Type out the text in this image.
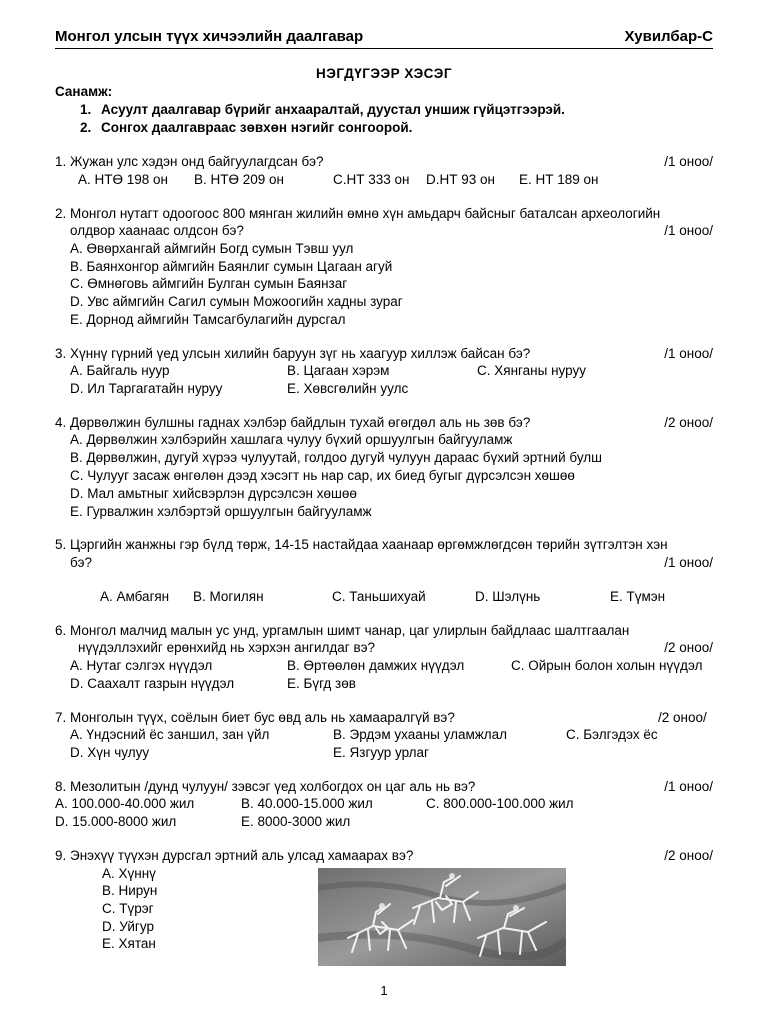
Монгол улсын түүх хичээлийн даалгавар	Хувилбар-С
НЭГДҮГЭЭР ХЭСЭГ
Санамж:
1. Асуулт даалгавар бүрийг анхааралтай, дуустал уншиж гүйцэтгээрэй.
2. Сонгох даалгавраас зөвхөн нэгийг сонгоорой.
1. Жужан улс хэдэн онд байгуулагдсан бэ?	/1 оноо/
А. НТӨ 198 он В. НТӨ 209 он	С.НТ 333 он D.НТ 93 он Е. НТ 189 он
2. Монгол нутагт одоогоос 800 мянган жилийн өмнө хүн амьдарч байсныг баталсан археологийн
олдвор хаанаас олдсон бэ?	/1 оноо/
А. Өвөрхангай аймгийн Богд сумын Тэвш уул
В. Баянхонгор аймгийн Баянлиг сумын Цагаан агуй
С. Өмнөговь аймгийн Булган сумын Баянзаг
D. Увс аймгийн Сагил сумын Можоогийн хадны зураг
Е. Дорнод аймгийн Тамсагбулагийн дурсгал
3. Хүннү гүрний үед улсын хилийн баруун зүг нь хаагуур хиллэж байсан бэ?	/1 оноо/
А. Байгаль нуур	В. Цагаан хэрэм	С. Хянганы нуруу
D. Ил Таргагатайн нуруу	Е. Хөвсгөлийн уулс
4. Дөрвөлжин булшны гаднах хэлбэр байдлын тухай өгөгдөл аль нь зөв бэ?	/2 оноо/
А. Дөрвөлжин хэлбэрийн хашлага чулуу бүхий оршуулгын байгууламж
В. Дөрвөлжин, дугуй хүрээ чулуутай, голдоо дугуй чулуун дараас бүхий эртний булш
С. Чулууг засаж өнгөлөн дээд хэсэгт нь нар сар, их биед бугыг дүрсэлсэн хөшөө
D. Мал амьтныг хийсвэрлэн дүрсэлсэн хөшөө
Е. Гурвалжин хэлбэртэй оршуулгын байгууламж
5. Цэргийн жанжны гэр бүлд төрж, 14-15 настайдаа хаанаар өргөмжлөгдсөн төрийн зүтгэлтэн хэн
бэ?	/1 оноо/
А. Амбагян В. Могилян	С. Таньшихуай	D. Шэлүнь	Е. Түмэн
6. Монгол малчид малын ус унд, ургамлын шимт чанар, цаг улирлын байдлаас шалтгаалан
нүүдэллэхийг ерөнхийд нь хэрхэн ангилдаг вэ?	/2 оноо/
А. Нутаг сэлгэх нүүдэл	В. Өртөөлөн дамжих нүүдэл	С. Ойрын болон холын нүүдэл
D. Саахалт газрын нүүдэл	Е. Бүгд зөв
7. Монголын түүх, соёлын биет бус өвд аль нь хамааралгүй вэ?	/2 оноо/
А. Үндэсний ёс заншил, зан үйл	В. Эрдэм ухааны уламжлал	С. Бэлгэдэх ёс
D. Хүн чулуу	Е. Язгуур урлаг
8. Мезолитын /дунд чулуун/ зэвсэг үед холбогдох он цаг аль нь вэ?	/1 оноо/
А. 100.000-40.000 жил	В. 40.000-15.000 жил	С. 800.000-100.000 жил
D. 15.000-8000 жил	Е. 8000-3000 жил
9. Энэхүү түүхэн дурсгал эртний аль улсад хамаарах вэ?	/2 оноо/
А. Хүннү
В. Нирун
С. Түрэг
D. Уйгур
Е. Хятан
1
